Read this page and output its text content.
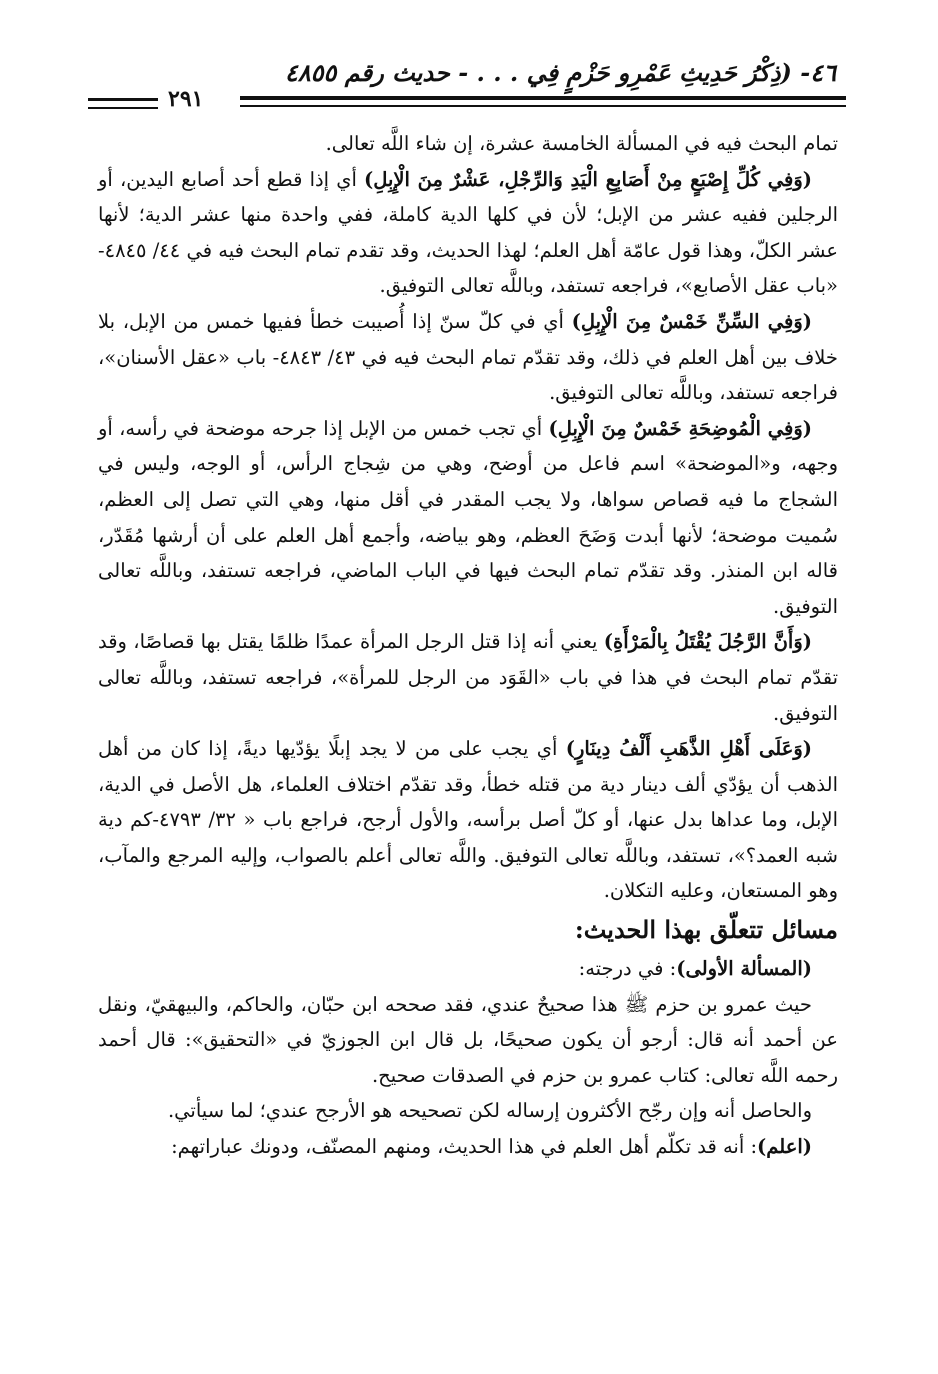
٤٦- (ذِكْرُ حَدِيثِ عَمْرِو حَزْمٍ فِي . . . - حديث رقم ٤٨٥٥
٢٩١

تمام البحث فيه في المسألة الخامسة عشرة، إن شاء اللَّه تعالى.

(وَفِي كُلِّ إِصْبَعٍ مِنْ أَصَابِعِ الْيَدِ وَالرِّجْلِ، عَشْرٌ مِنَ الْإِبِلِ) أي إذا قطع أحد أصابع اليدين، أو الرجلين ففيه عشر من الإبل؛ لأن في كلها الدية كاملة، ففي واحدة منها عشر الدية؛ لأنها عشر الكلّ، وهذا قول عامّة أهل العلم؛ لهذا الحديث، وقد تقدم تمام البحث فيه في ٤٤/ ٤٨٤٥- «باب عقل الأصابع»، فراجعه تستفد، وباللَّه تعالى التوفيق.

(وَفِي السِّنِّ خَمْسٌ مِنَ الْإِبِلِ) أي في كلّ سنّ إذا أُصيبت خطأ ففيها خمس من الإبل، بلا خلاف بين أهل العلم في ذلك، وقد تقدّم تمام البحث فيه في ٤٣/ ٤٨٤٣- باب «عقل الأسنان»، فراجعه تستفد، وباللَّه تعالى التوفيق.

(وَفِي الْمُوضِحَةِ خَمْسٌ مِنَ الْإِبِلِ) أي تجب خمس من الإبل إذا جرحه موضحة في رأسه، أو وجهه، و«الموضحة» اسم فاعل من أوضح، وهي من شِجاج الرأس، أو الوجه، وليس في الشجاج ما فيه قصاص سواها، ولا يجب المقدر في أقل منها، وهي التي تصل إلى العظم، سُميت موضحة؛ لأنها أبدت وَضَحَ العظم، وهو بياضه، وأجمع أهل العلم على أن أرشها مُقَدّر، قاله ابن المنذر. وقد تقدّم تمام البحث فيها في الباب الماضي، فراجعه تستفد، وباللَّه تعالى التوفيق.

(وَأَنَّ الرَّجُلَ يُقْتَلُ بِالْمَرْأَةِ) يعني أنه إذا قتل الرجل المرأة عمدًا ظلمًا يقتل بها قصاصًا، وقد تقدّم تمام البحث في هذا في باب «القَوَد من الرجل للمرأة»، فراجعه تستفد، وباللَّه تعالى التوفيق.

(وَعَلَى أَهْلِ الذَّهَبِ أَلْفُ دِينَارٍ) أي يجب على من لا يجد إبلًا يؤدّيها ديةً، إذا كان من أهل الذهب أن يؤدّي ألف دينار دية من قتله خطأ، وقد تقدّم اختلاف العلماء، هل الأصل في الدية، الإبل، وما عداها بدل عنها، أو كلّ أصل برأسه، والأول أرجح، فراجع باب « ٣٢/ ٤٧٩٣-كم دية شبه العمد؟»، تستفد، وباللَّه تعالى التوفيق. واللَّه تعالى أعلم بالصواب، وإليه المرجع والمآب، وهو المستعان، وعليه التكلان.

مسائل تتعلّق بهذا الحديث:

(المسألة الأولى): في درجته:

حيث عمرو بن حزم ﷺ هذا صحيحٌ عندي، فقد صححه ابن حبّان، والحاكم، والبيهقيّ، ونقل عن أحمد أنه قال: أرجو أن يكون صحيحًا، بل قال ابن الجوزيّ في «التحقيق»: قال أحمد رحمه اللَّه تعالى: كتاب عمرو بن حزم في الصدقات صحيح.

والحاصل أنه وإن رجّح الأكثرون إرساله لكن تصحيحه هو الأرجح عندي؛ لما سيأتي.

(اعلم): أنه قد تكلّم أهل العلم في هذا الحديث، ومنهم المصنّف، ودونك عباراتهم:
